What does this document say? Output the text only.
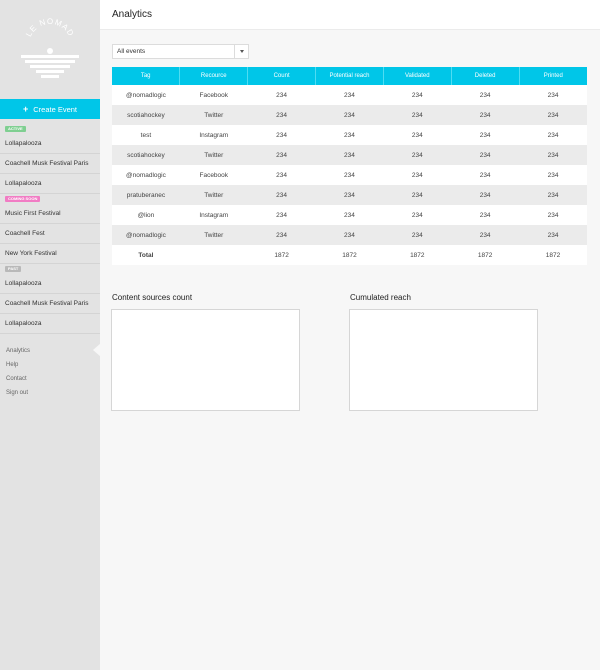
LE NOMAD
+ Create Event
ACTIVE
Lollapalooza
Coachell Musk Festival Paris
Lollapalooza
COMING SOON
Music First Festival
Coachell Fest
New York Festival
PAST
Lollapalooza
Coachell Musk Festival Paris
Lollapalooza
Analytics
Help
Contact
Sign out
Analytics
All events
Tag	Recource	Count	Potential reach	Validated	Deleted	Printed
@nomadlogic	Facebook	234	234	234	234	234
scotiahockey	Twitter	234	234	234	234	234
test	Instagram	234	234	234	234	234
scotiahockey	Twitter	234	234	234	234	234
@nomadlogic	Facebook	234	234	234	234	234
pratuberanec	Twitter	234	234	234	234	234
@lion	Instagram	234	234	234	234	234
@nomadlogic	Twitter	234	234	234	234	234
Total		1872	1872	1872	1872	1872
Content sources count	Cumulated reach
